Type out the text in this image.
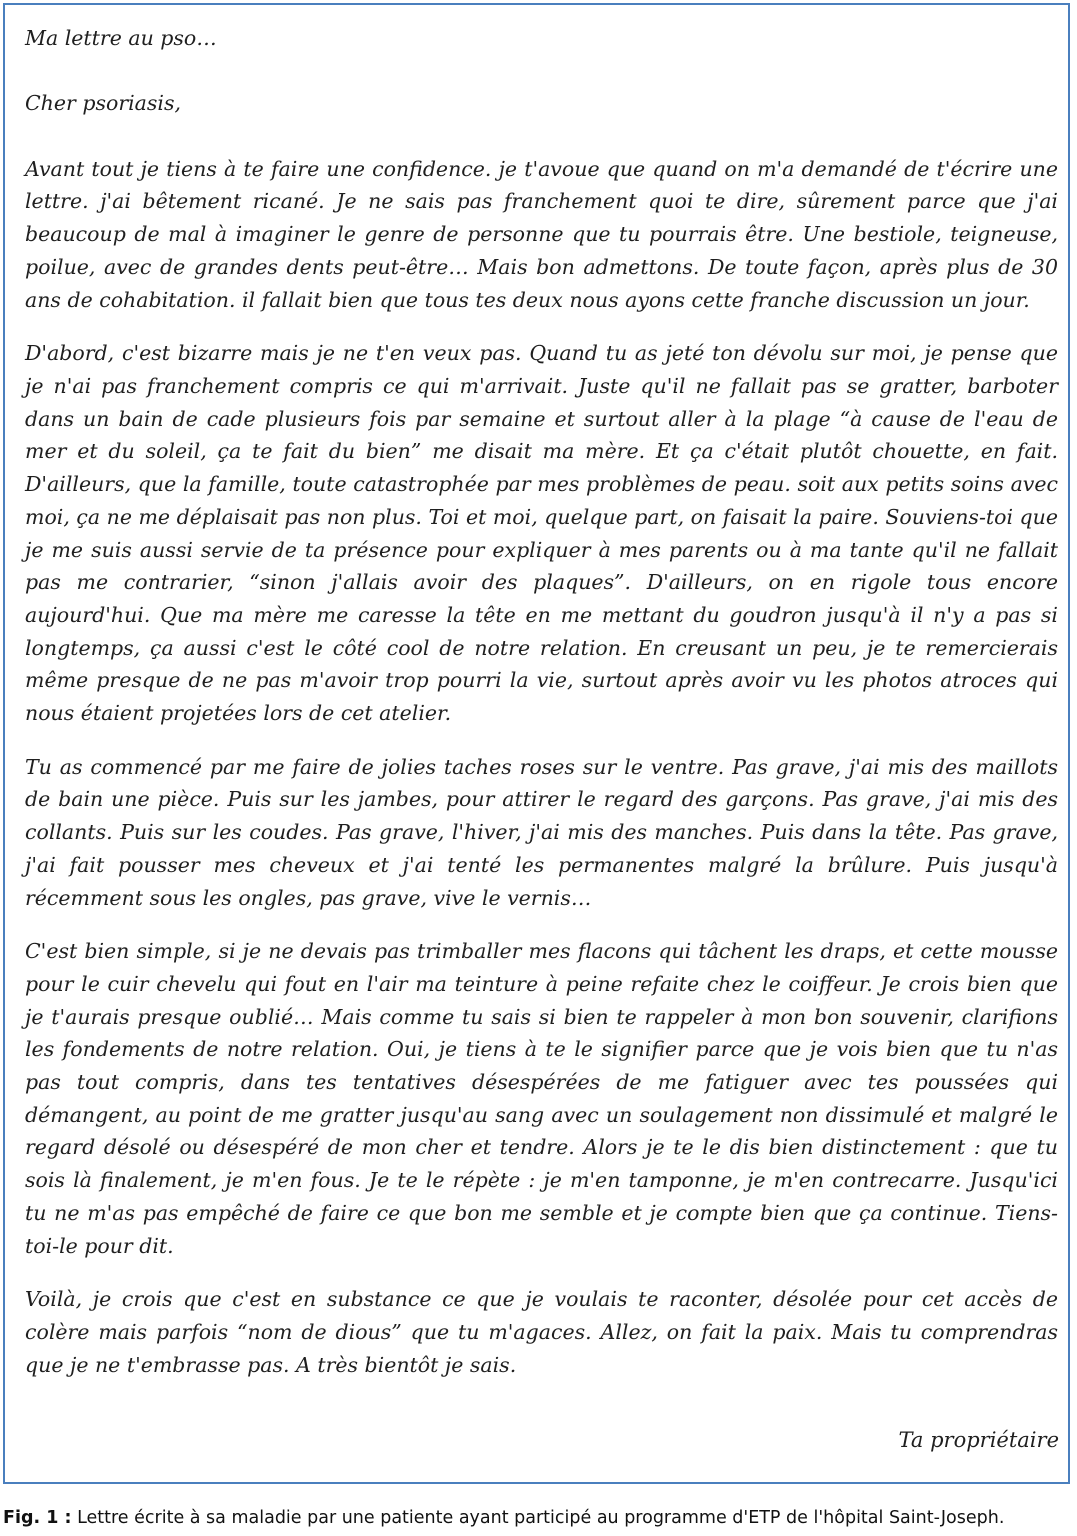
Ma lettre au pso…

Cher psoriasis,

Avant tout je tiens à te faire une confidence. je t'avoue que quand on m'a demandé de t'écrire une lettre. j'ai bêtement ricané. Je ne sais pas franchement quoi te dire, sûrement parce que j'ai beaucoup de mal à imaginer le genre de personne que tu pourrais être. Une bestiole, teigneuse, poilue, avec de grandes dents peut-être… Mais bon admettons. De toute façon, après plus de 30 ans de cohabitation. il fallait bien que tous tes deux nous ayons cette franche discussion un jour.

D'abord, c'est bizarre mais je ne t'en veux pas. Quand tu as jeté ton dévolu sur moi, je pense que je n'ai pas franchement compris ce qui m'arrivait. Juste qu'il ne fallait pas se gratter, barboter dans un bain de cade plusieurs fois par semaine et surtout aller à la plage “à cause de l'eau de mer et du soleil, ça te fait du bien” me disait ma mère. Et ça c'était plutôt chouette, en fait. D'ailleurs, que la famille, toute catastrophée par mes problèmes de peau. soit aux petits soins avec moi, ça ne me déplaisait pas non plus. Toi et moi, quelque part, on faisait la paire. Souviens-toi que je me suis aussi servie de ta présence pour expliquer à mes parents ou à ma tante qu'il ne fallait pas me contrarier, “sinon j'allais avoir des plaques”. D'ailleurs, on en rigole tous encore aujourd'hui. Que ma mère me caresse la tête en me mettant du goudron jusqu'à il n'y a pas si longtemps, ça aussi c'est le côté cool de notre relation. En creusant un peu, je te remercierais même presque de ne pas m'avoir trop pourri la vie, surtout après avoir vu les photos atroces qui nous étaient projetées lors de cet atelier.

Tu as commencé par me faire de jolies taches roses sur le ventre. Pas grave, j'ai mis des maillots de bain une pièce. Puis sur les jambes, pour attirer le regard des garçons. Pas grave, j'ai mis des collants. Puis sur les coudes. Pas grave, l'hiver, j'ai mis des manches. Puis dans la tête. Pas grave, j'ai fait pousser mes cheveux et j'ai tenté les permanentes malgré la brûlure. Puis jusqu'à récemment sous les ongles, pas grave, vive le vernis…

C'est bien simple, si je ne devais pas trimballer mes flacons qui tâchent les draps, et cette mousse pour le cuir chevelu qui fout en l'air ma teinture à peine refaite chez le coiffeur. Je crois bien que je t'aurais presque oublié… Mais comme tu sais si bien te rappeler à mon bon souvenir, clarifions les fondements de notre relation. Oui, je tiens à te le signifier parce que je vois bien que tu n'as pas tout compris, dans tes tentatives désespérées de me fatiguer avec tes poussées qui démangent, au point de me gratter jusqu'au sang avec un soulagement non dissimulé et malgré le regard désolé ou désespéré de mon cher et tendre. Alors je te le dis bien distinctement : que tu sois là finalement, je m'en fous. Je te le répète : je m'en tamponne, je m'en contrecarre. Jusqu'ici tu ne m'as pas empêché de faire ce que bon me semble et je compte bien que ça continue. Tiens-toi-le pour dit.

Voilà, je crois que c'est en substance ce que je voulais te raconter, désolée pour cet accès de colère mais parfois “nom de dious” que tu m'agaces. Allez, on fait la paix. Mais tu comprendras que je ne t'embrasse pas. A très bientôt je sais.

Ta propriétaire
Fig. 1 : Lettre écrite à sa maladie par une patiente ayant participé au programme d'ETP de l'hôpital Saint-Joseph.
